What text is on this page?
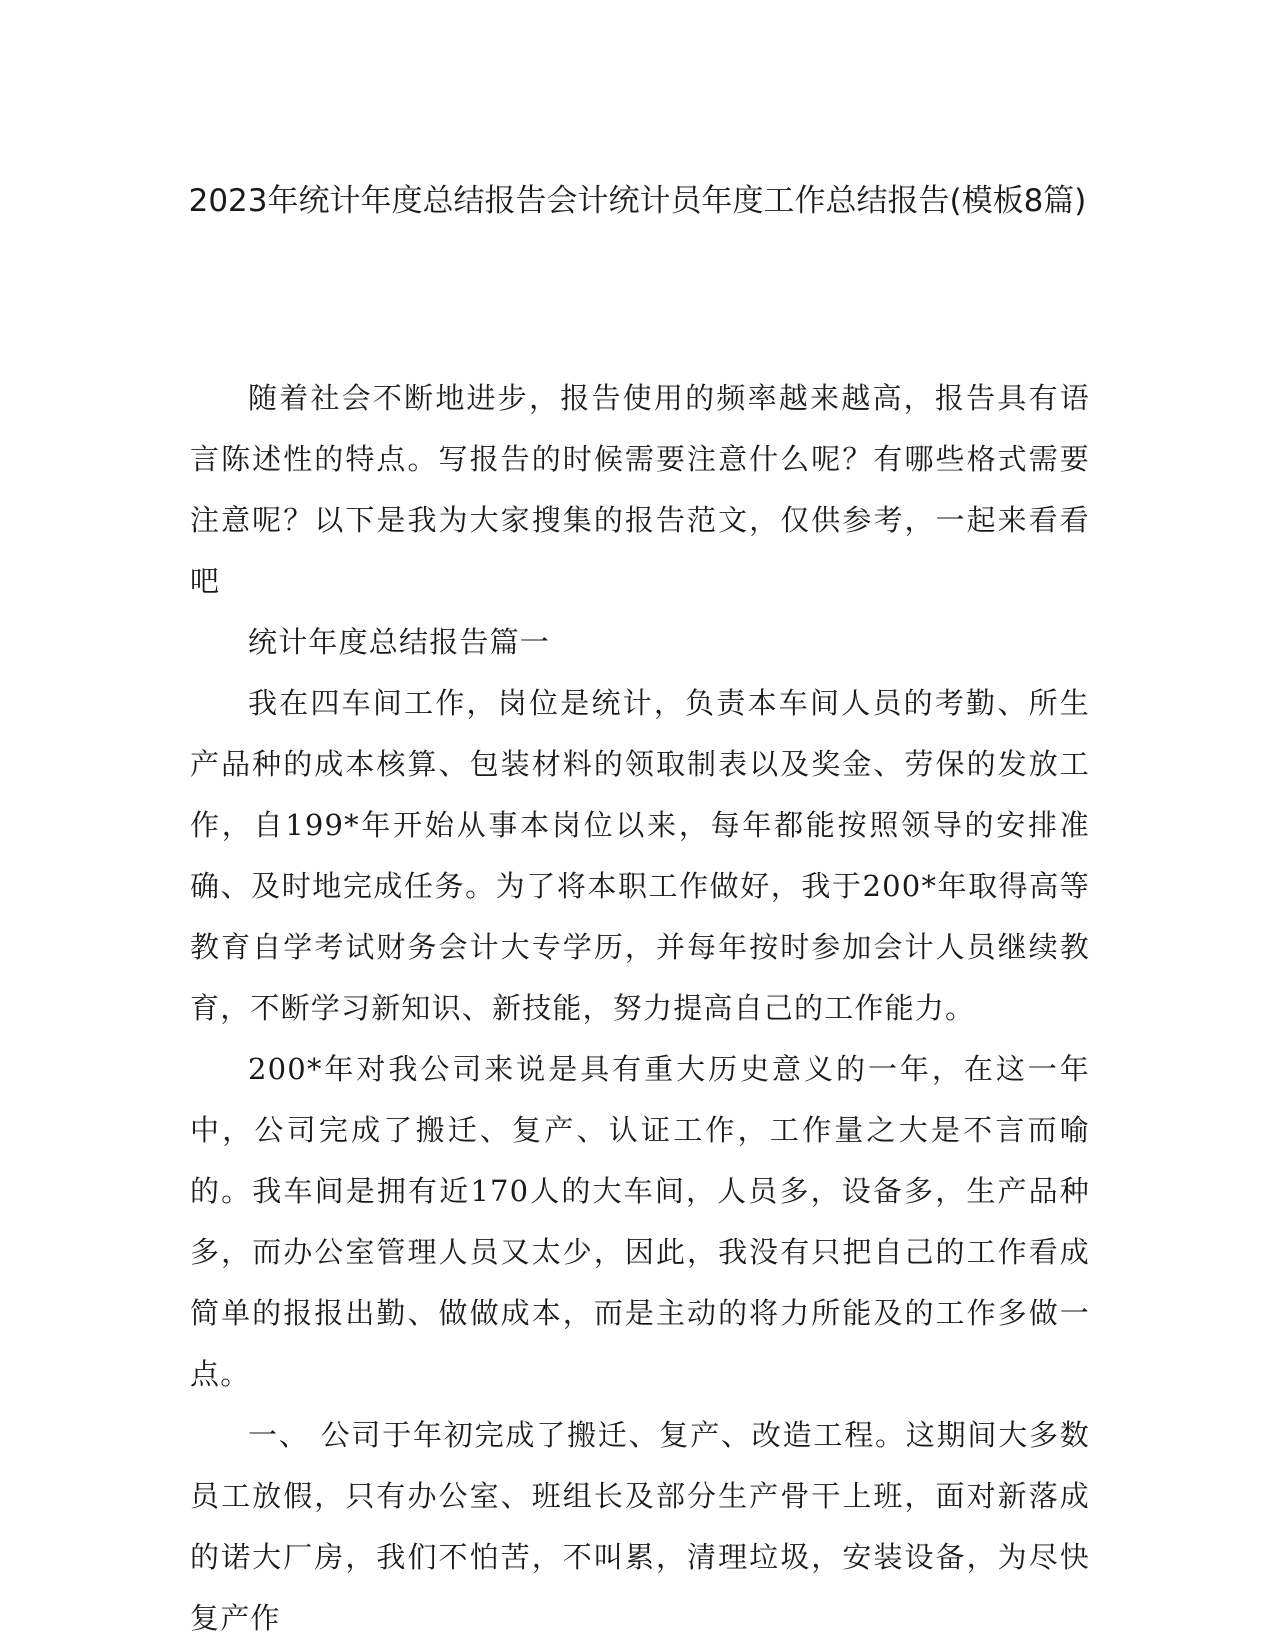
2023年统计年度总结报告会计统计员年度工作总结报告(模板8篇)

随着社会不断地进步，报告使用的频率越来越高，报告具有语言陈述性的特点。写报告的时候需要注意什么呢？有哪些格式需要注意呢？以下是我为大家搜集的报告范文，仅供参考，一起来看看吧

统计年度总结报告篇一

我在四车间工作，岗位是统计，负责本车间人员的考勤、所生产品种的成本核算、包装材料的领取制表以及奖金、劳保的发放工作，自199*年开始从事本岗位以来，每年都能按照领导的安排准确、及时地完成任务。为了将本职工作做好，我于200*年取得高等教育自学考试财务会计大专学历，并每年按时参加会计人员继续教育，不断学习新知识、新技能，努力提高自己的工作能力。

200*年对我公司来说是具有重大历史意义的一年，在这一年中，公司完成了搬迁、复产、认证工作，工作量之大是不言而喻的。我车间是拥有近170人的大车间，人员多，设备多，生产品种多，而办公室管理人员又太少，因此，我没有只把自己的工作看成简单的报报出勤、做做成本，而是主动的将力所能及的工作多做一点。

一、 公司于年初完成了搬迁、复产、改造工程。这期间大多数员工放假，只有办公室、班组长及部分生产骨干上班，面对新落成的诺大厂房，我们不怕苦，不叫累，清理垃圾，安装设备，为尽快复产作
